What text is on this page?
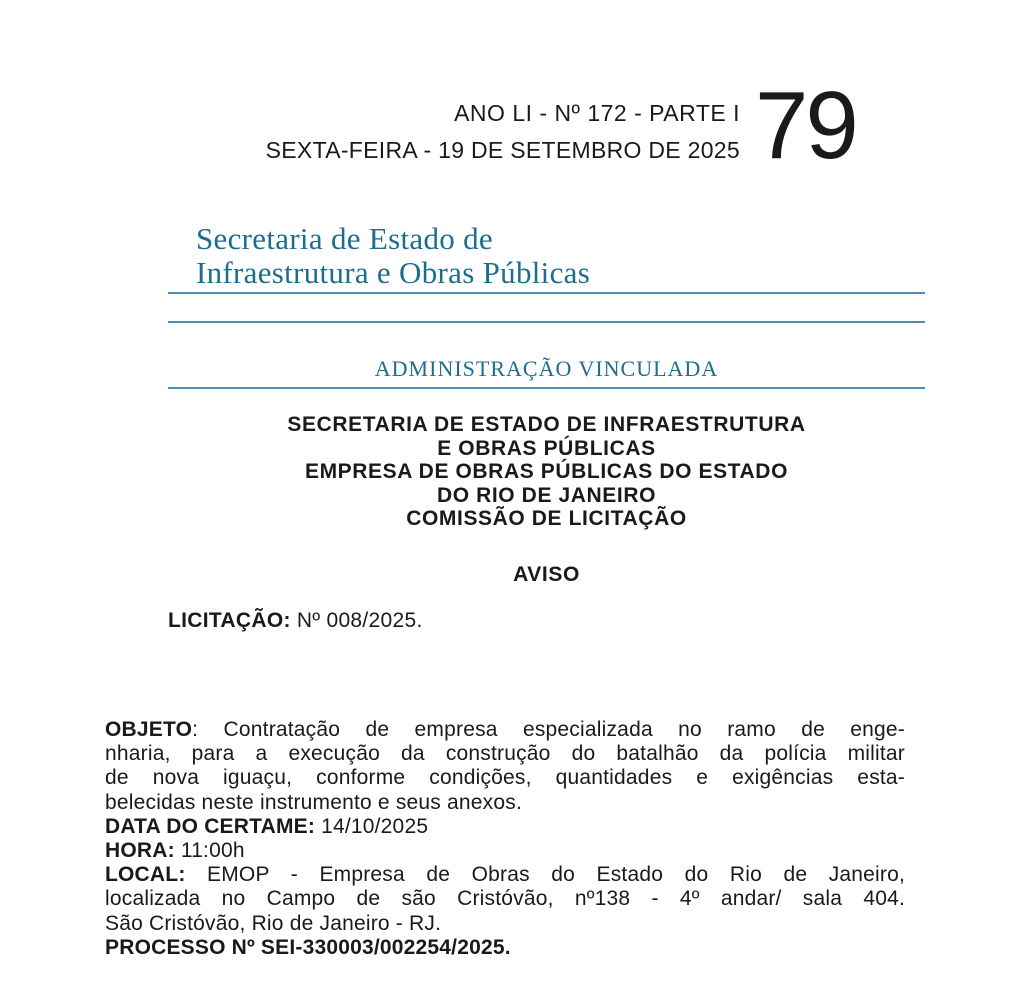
ANO LI - Nº 172 - PARTE I
SEXTA-FEIRA - 19 DE SETEMBRO DE 2025 79
Secretaria de Estado de
Infraestrutura e Obras Públicas
ADMINISTRAÇÃO VINCULADA
SECRETARIA DE ESTADO DE INFRAESTRUTURA
E OBRAS PÚBLICAS
EMPRESA DE OBRAS PÚBLICAS DO ESTADO
DO RIO DE JANEIRO
COMISSÃO DE LICITAÇÃO
AVISO
LICITAÇÃO: Nº 008/2025.
OBJETO: Contratação de empresa especializada no ramo de enge-
nharia, para a execução da construção do batalhão da polícia militar
de nova iguaçu, conforme condições, quantidades e exigências esta-
belecidas neste instrumento e seus anexos.
DATA DO CERTAME: 14/10/2025
HORA: 11:00h
LOCAL: EMOP - Empresa de Obras do Estado do Rio de Janeiro,
localizada no Campo de são Cristóvão, nº138 - 4º andar/ sala 404.
São Cristóvão, Rio de Janeiro - RJ.
PROCESSO Nº SEI-330003/002254/2025.
